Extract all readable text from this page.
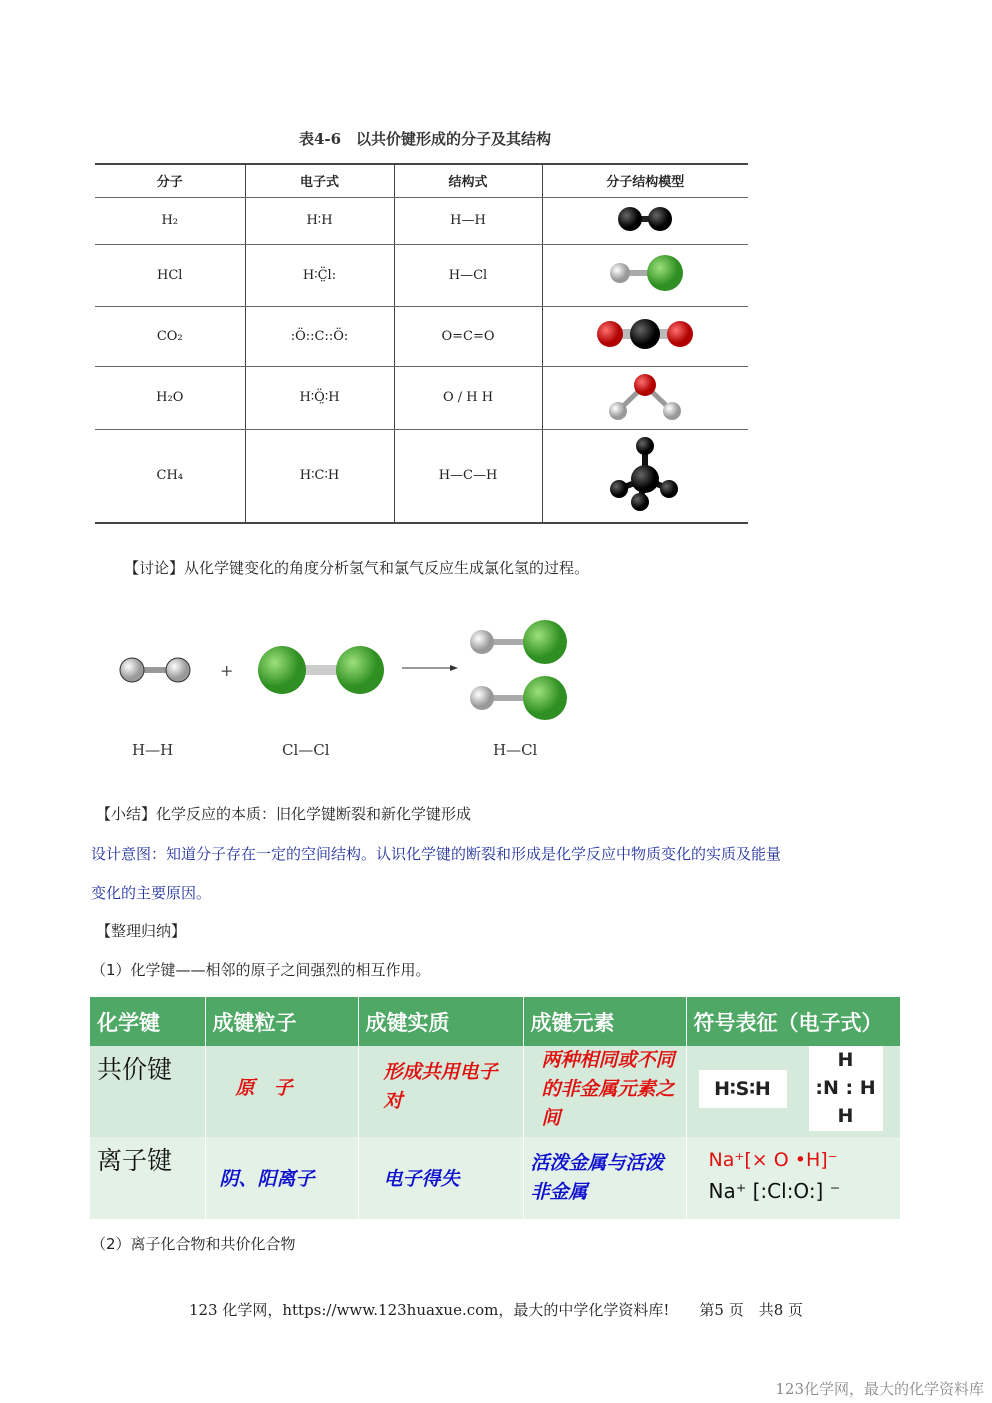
表4-6　以共价键形成的分子及其结构
分子	电子式	结构式	分子结构模型
H₂	H∶H	H—H	
HCl	H∶C̤̈l:	H—Cl	
CO₂	:Ö::C::Ö:	O=C=O	
H₂O	H∶Ö̤∶H	O / H H	
CH₄	H∶C∶H	H—C—H	
【讨论】从化学键变化的角度分析氢气和氯气反应生成氯化氢的过程。
+
H—H	Cl—Cl	H—Cl
【小结】化学反应的本质：旧化学键断裂和新化学键形成
设计意图：知道分子存在一定的空间结构。认识化学键的断裂和形成是化学反应中物质变化的实质及能量
变化的主要原因。
【整理归纳】
（1）化学键——相邻的原子之间强烈的相互作用。
化学键	成键粒子	成键实质	成键元素	符号表征（电子式）
共价键	原　子	形成共用电子对	两种相同或不同的非金属元素之间	H∶S∶H
H
:N : H
H

离子键	阴、阳离子	电子得失	活泼金属与活泼非金属	Na⁺[× O •H]⁻
Na⁺ [:Cl:O:] ⁻
（2）离子化合物和共价化合物
123 化学网，https://www.123huaxue.com，最大的中学化学资料库!　　第5 页　共8 页
123化学网，最大的化学资料库
